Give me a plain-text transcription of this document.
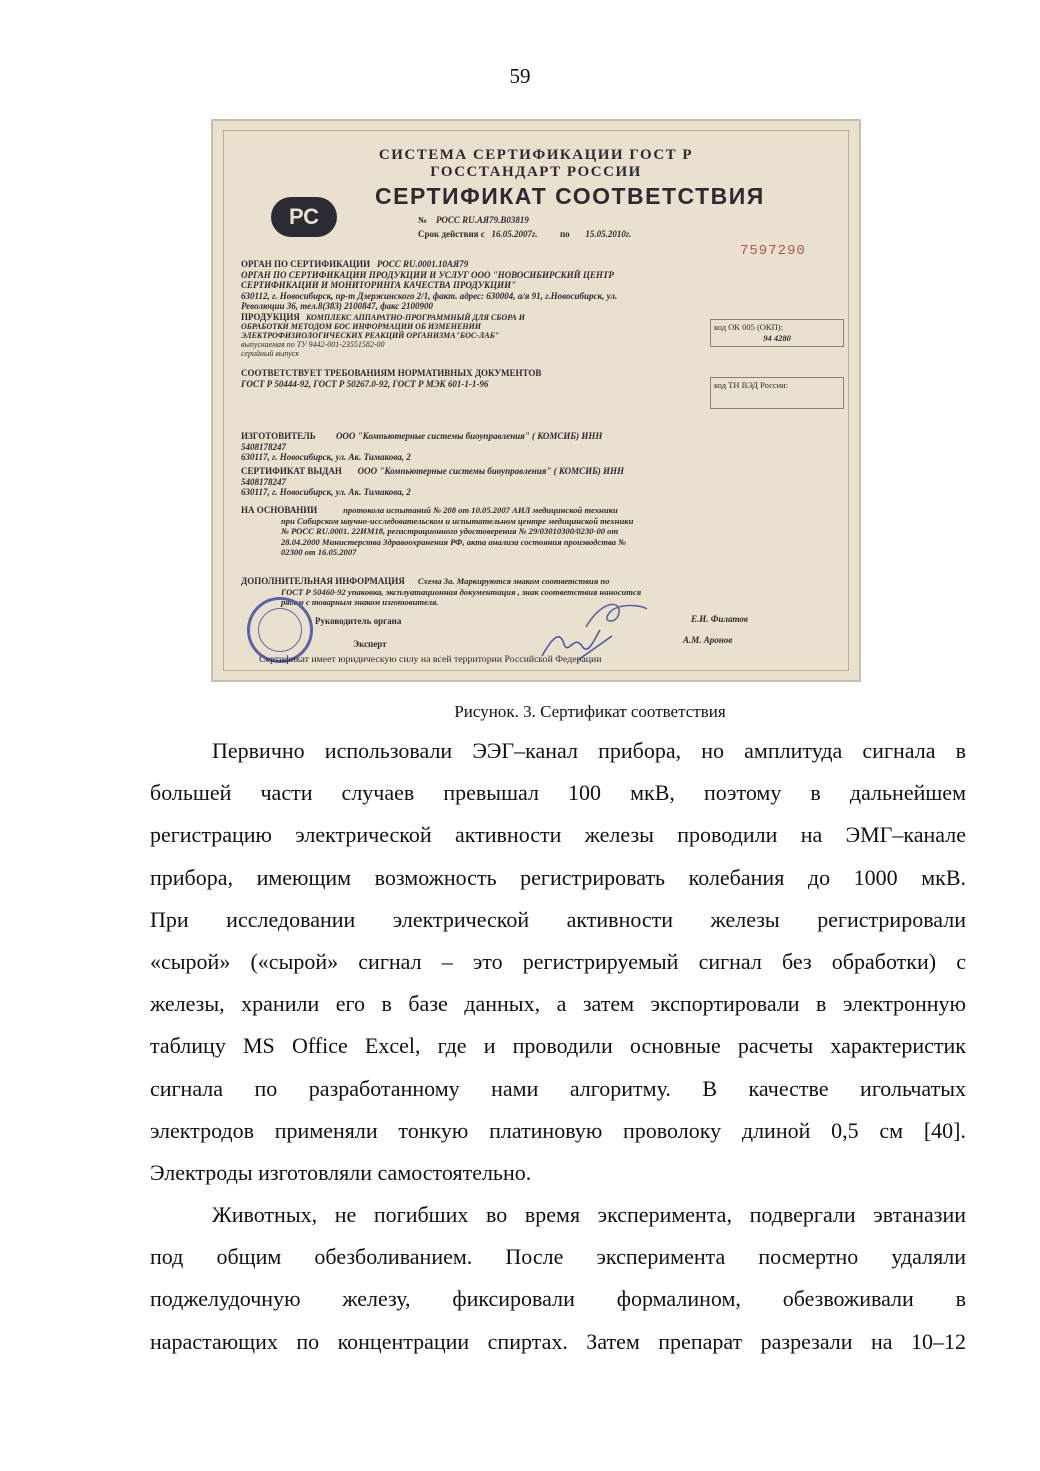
59
СИСТЕМА СЕРТИФИКАЦИИ ГОСТ Р
ГОССТАНДАРТ РОССИИ
РС
СЕРТИФИКАТ СООТВЕТСТВИЯ
№ РОСС RU.АЯ79.В03819
Срок действия с 16.05.2007г.	по 15.05.2010г.
7597290
ОРГАН ПО СЕРТИФИКАЦИИ РОСС RU.0001.10АЯ79
ОРГАН ПО СЕРТИФИКАЦИИ ПРОДУКЦИИ И УСЛУГ ООО "НОВОСИБИРСКИЙ ЦЕНТР
СЕРТИФИКАЦИИ И МОНИТОРИНГА КАЧЕСТВА ПРОДУКЦИИ"
630112, г. Новосибирск, пр-т Дзержинского 2/1, факт. адрес: 630004, а/я 91, г.Новосибирск, ул.
Революции 36, тел.8(383) 2100847, факс 2100900
ПРОДУКЦИЯ КОМПЛЕКС АППАРАТНО-ПРОГРАММНЫЙ ДЛЯ СБОРА И
ОБРАБОТКИ МЕТОДОМ БОС ИНФОРМАЦИИ ОБ ИЗМЕНЕНИИ
ЭЛЕКТРОФИЗИОЛОГИЧЕСКИХ РЕАКЦИЙ ОРГАНИЗМА"БОС-ЛАБ"
выпускаемая по ТУ 9442-001-23551582-00
серийный выпуск
код ОК 005 (ОКП):
94 4280
СООТВЕТСТВУЕТ ТРЕБОВАНИЯМ НОРМАТИВНЫХ ДОКУМЕНТОВ
ГОСТ Р 50444-92, ГОСТ Р 50267.0-92, ГОСТ Р МЭК 601-1-1-96	код ТН ВЭД России:
ИЗГОТОВИТЕЛЬ ООО "Компьютерные системы биоуправления" ( КОМСИБ) ИНН
5408178247
630117, г. Новосибирск, ул. Ак. Тимакова, 2
СЕРТИФИКАТ ВЫДАН ООО "Компьютерные системы биоуправления" ( КОМСИБ) ИНН
5408178247
630117, г. Новосибирск, ул. Ак. Тимакова, 2
НА ОСНОВАНИИ	протокола испытаний № 208 от 10.05.2007 АИЛ медицинской техники
при Сибирском научно-исследовательском и испытательном центре медицинской техники
№ РОСС RU.0001. 22ИМ18, регистрационного удостоверения № 29/03010300/0230-00 от
28.04.2000 Министерства Здравоохранения РФ, акта анализа состояния производства №
02300 от 16.05.2007
ДОПОЛНИТЕЛЬНАЯ ИНФОРМАЦИЯ Схема 3а. Маркируются знаком соответствия по
ГОСТ Р 50460-92 упаковка, эксплуатационная документация , знак соответствия наносится
рядом с товарным знаком изготовителя.
Руководитель органа	Е.И. Филатов
Эксперт	А.М. Аронов
Сертификат имеет юридическую силу на всей территории Российской Федерации
Рисунок. 3. Сертификат соответствия
Первично использовали ЭЭГ–канал прибора, но амплитуда сигнала в
большей части случаев превышал 100 мкВ, поэтому в дальнейшем
регистрацию электрической активности железы проводили на ЭМГ–канале
прибора, имеющим возможность регистрировать колебания до 1000 мкВ.
При исследовании электрической активности железы регистрировали
«сырой» («сырой» сигнал – это регистрируемый сигнал без обработки) с
железы, хранили его в базе данных, а затем экспортировали в электронную
таблицу MS Office Excel, где и проводили основные расчеты характеристик
сигнала по разработанному нами алгоритму. В качестве игольчатых
электродов применяли тонкую платиновую проволоку длиной 0,5 см [40].
Электроды изготовляли самостоятельно.
Животных, не погибших во время эксперимента, подвергали эвтаназии
под общим обезболиванием. После эксперимента посмертно удаляли
поджелудочную железу, фиксировали формалином, обезвоживали в
нарастающих по концентрации спиртах. Затем препарат разрезали на 10–12
